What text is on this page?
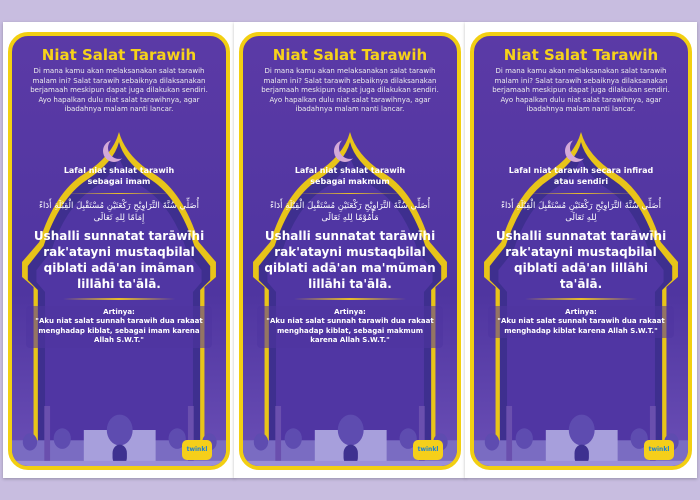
Niat Salat Tarawih
Di mana kamu akan melaksanakan salat tarawih malam ini? Salat tarawih sebaiknya dilaksanakan berjamaah meskipun dapat juga dilakukan sendiri. Ayo hapalkan dulu niat salat tarawihnya, agar ibadahnya malam nanti lancar.
Lafal niat shalat tarawih sebagai imam
أُصَلِّي سُنَّةَ التَّرَاوِيْحِ رَكْعَتَيْنِ مُسْتَقْبِلَ الْقِبْلَةِ أَدَاءً إِمَامًا لِلهِ تَعَالَى
Ushalli sunnatat tarāwīhi rak'atayni mustaqbilal qiblati adā'an imāman lillāhi ta'ālā.
Artinya:
"Aku niat salat sunnah tarawih dua rakaat menghadap kiblat, sebagai imam karena Allah S.W.T."
twinkl
Niat Salat Tarawih
Di mana kamu akan melaksanakan salat tarawih malam ini? Salat tarawih sebaiknya dilaksanakan berjamaah meskipun dapat juga dilakukan sendiri. Ayo hapalkan dulu niat salat tarawihnya, agar ibadahnya malam nanti lancar.
Lafal niat shalat tarawih sebagai makmum
أُصَلِّي سُنَّةَ التَّرَاوِيْحِ رَكْعَتَيْنِ مُسْتَقْبِلَ الْقِبْلَةِ أَدَاءً مَأْمُوْمًا لِلهِ تَعَالَى
Ushalli sunnatat tarāwīhi rak'atayni mustaqbilal qiblati adā'an ma'mūman lillāhi ta'ālā.
Artinya:
"Aku niat salat sunnah tarawih dua rakaat menghadap kiblat, sebagai makmum karena Allah S.W.T."
twinkl
Niat Salat Tarawih
Di mana kamu akan melaksanakan salat tarawih malam ini? Salat tarawih sebaiknya dilaksanakan berjamaah meskipun dapat juga dilakukan sendiri. Ayo hapalkan dulu niat salat tarawihnya, agar ibadahnya malam nanti lancar.
Lafal niat tarawih secara infirad atau sendiri
أُصَلِّي سُنَّةَ التَّرَاوِيْحِ رَكْعَتَيْنِ مُسْتَقْبِلَ الْقِبْلَةِ أَدَاءً لِلهِ تَعَالَى
Ushalli sunnatat tarāwīhi rak'atayni mustaqbilal qiblati adā'an lillāhi ta'ālā.
Artinya:
"Aku niat salat sunnah tarawih dua rakaat menghadap kiblat karena Allah S.W.T."
twinkl
